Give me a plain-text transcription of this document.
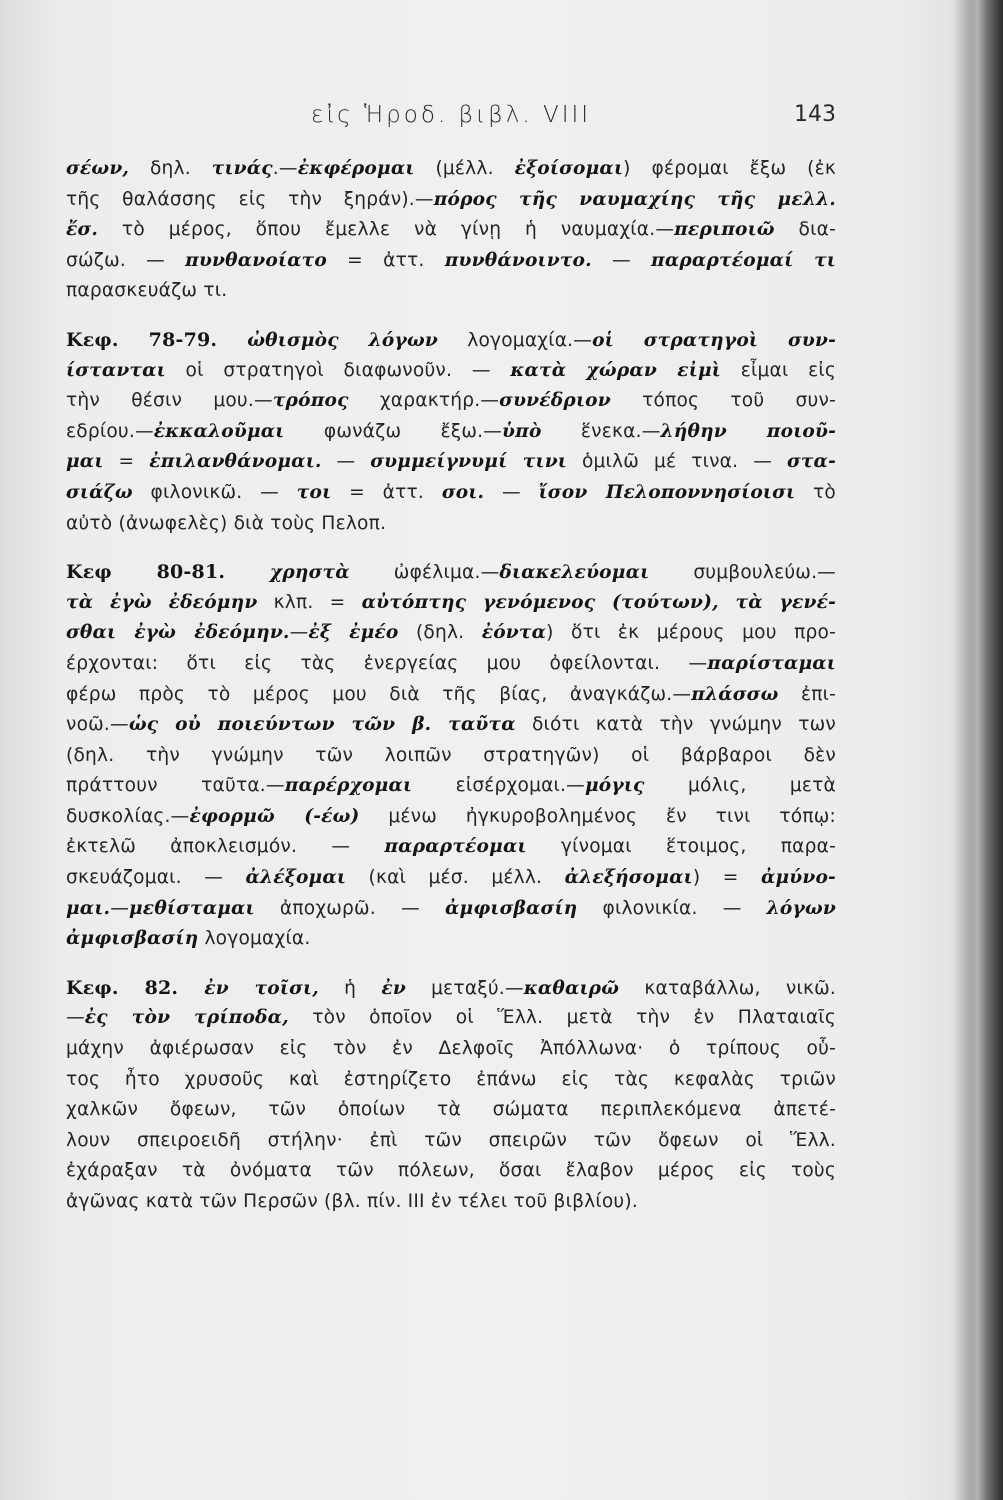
εἰς Ἡροδ. βιβλ. VIII	143
σέων, δηλ. τινάς.—ἐκφέρομαι (μέλλ. ἐξοίσομαι) φέρομαι ἔξω (ἐκ
τῆς θαλάσσης εἰς τὴν ξηράν).—πόρος τῆς ναυμαχίης τῆς μελλ.
ἔσ. τὸ μέρος, ὅπου ἔμελλε νὰ γίνῃ ἡ ναυμαχία.—περιποιῶ δια-
σώζω. — πυνθανοίατο = ἀττ. πυνθάνοιντο. — παραρτέομαί τι
παρασκευάζω τι.
Κεφ. 78-79. ὠθισμὸς λόγων λογομαχία.—οἱ στρατηγοὶ συν-
ίστανται οἱ στρατηγοὶ διαφωνοῦν. — κατὰ χώραν εἰμὶ εἶμαι εἰς
τὴν θέσιν μου.—τρόπος χαρακτήρ.—συνέδριον τόπος τοῦ συν-
εδρίου.—ἐκκαλοῦμαι φωνάζω ἔξω.—ὑπὸ ἕνεκα.—λήθην ποιοῦ-
μαι = ἐπιλανθάνομαι. — συμμείγνυμί τινι ὁμιλῶ μέ τινα. — στα-
σιάζω φιλονικῶ. — τοι = ἀττ. σοι. — ἴσον Πελοποννησίοισι τὸ
αὐτὸ (ἀνωφελὲς) διὰ τοὺς Πελοπ.
Κεφ 80-81. χρηστὰ ὠφέλιμα.—διακελεύομαι συμβουλεύω.—
τὰ ἐγὼ ἐδεόμην κλπ. = αὐτόπτης γενόμενος (τούτων), τὰ γενέ-
σθαι ἐγὼ ἐδεόμην.—ἐξ ἐμέο (δηλ. ἐόντα) ὅτι ἐκ μέρους μου προ-
έρχονται: ὅτι εἰς τὰς ἐνεργείας μου ὀφείλονται. —παρίσταμαι
φέρω πρὸς τὸ μέρος μου διὰ τῆς βίας, ἀναγκάζω.—πλάσσω ἐπι-
νοῶ.—ὡς οὐ ποιεύντων τῶν β. ταῦτα διότι κατὰ τὴν γνώμην των
(δηλ. τὴν γνώμην τῶν λοιπῶν στρατηγῶν) οἱ βάρβαροι δὲν
πράττουν ταῦτα.—παρέρχομαι εἰσέρχομαι.—μόγις μόλις, μετὰ
δυσκολίας.—ἐφορμῶ (-έω) μένω ἠγκυροβολημένος ἔν τινι τόπῳ:
ἐκτελῶ ἀποκλεισμόν. — παραρτέομαι γίνομαι ἕτοιμος, παρα-
σκευάζομαι. — ἀλέξομαι (καὶ μέσ. μέλλ. ἀλεξήσομαι) = ἀμύνο-
μαι.—μεθίσταμαι ἀποχωρῶ. — ἀμφισβασίη φιλονικία. — λόγων
ἀμφισβασίη λογομαχία.
Κεφ. 82. ἐν τοῖσι, ἡ ἐν μεταξύ.—καθαιρῶ καταβάλλω, νικῶ.
—ἐς τὸν τρίποδα, τὸν ὁποῖον οἱ Ἕλλ. μετὰ τὴν ἐν Πλαταιαῖς
μάχην ἀφιέρωσαν εἰς τὸν ἐν Δελφοῖς Ἀπόλλωνα· ὁ τρίπους οὗ-
τος ἦτο χρυσοῦς καὶ ἐστηρίζετο ἐπάνω εἰς τὰς κεφαλὰς τριῶν
χαλκῶν ὄφεων, τῶν ὁποίων τὰ σώματα περιπλεκόμενα ἀπετέ-
λουν σπειροειδῆ στήλην· ἐπὶ τῶν σπειρῶν τῶν ὄφεων οἱ Ἕλλ.
ἐχάραξαν τὰ ὀνόματα τῶν πόλεων, ὅσαι ἔλαβον μέρος εἰς τοὺς
ἀγῶνας κατὰ τῶν Περσῶν (βλ. πίν. III ἐν τέλει τοῦ βιβλίου).
